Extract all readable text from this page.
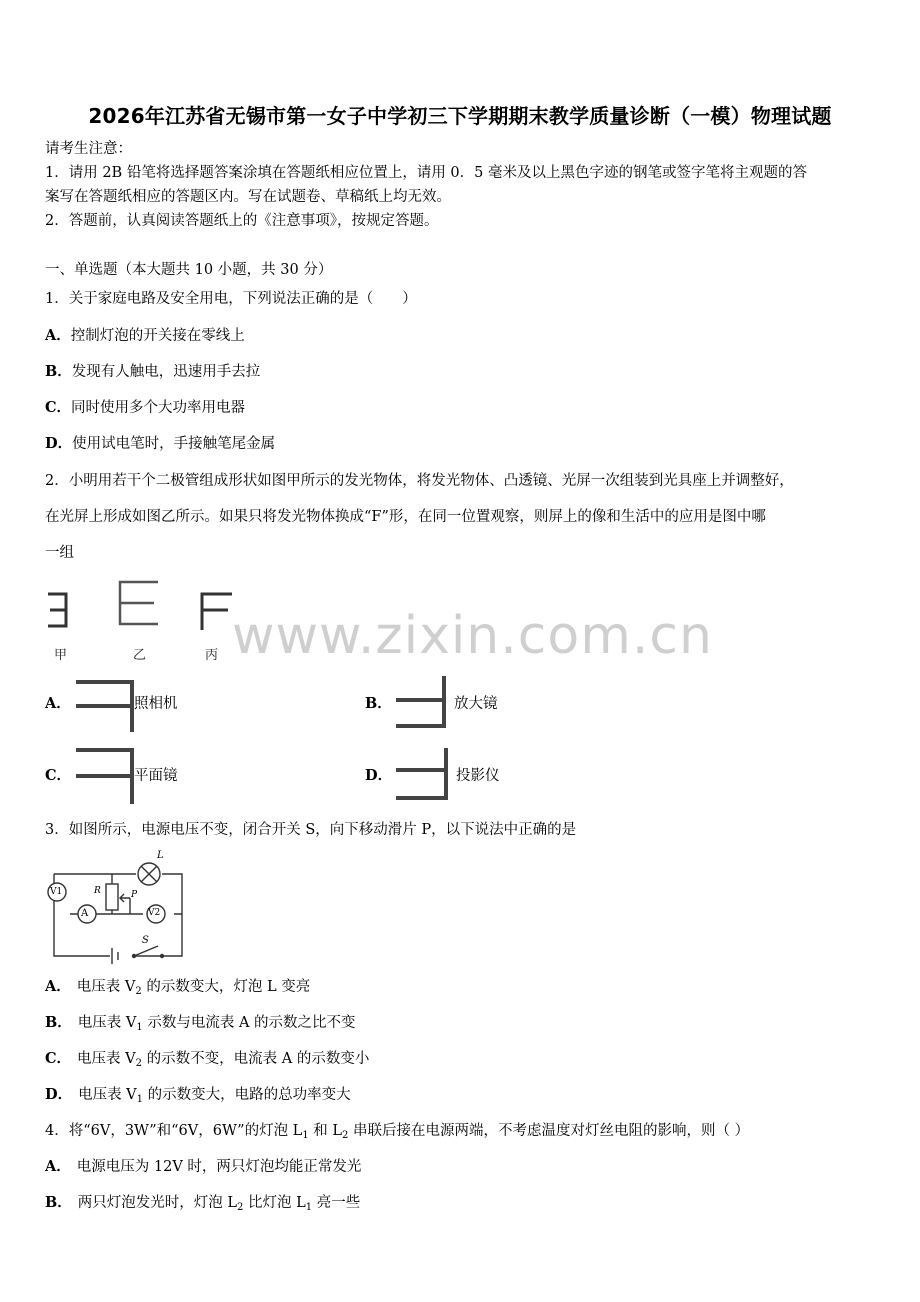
2026年江苏省无锡市第一女子中学初三下学期期末教学质量诊断（一模）物理试题
请考生注意：
1．请用 2B 铅笔将选择题答案涂填在答题纸相应位置上，请用 0．5 毫米及以上黑色字迹的钢笔或签字笔将主观题的答
案写在答题纸相应的答题区内。写在试题卷、草稿纸上均无效。
2．答题前，认真阅读答题纸上的《注意事项》，按规定答题。
一、单选题（本大题共 10 小题，共 30 分）
1．关于家庭电路及安全用电，下列说法正确的是（　　）
A．控制灯泡的开关接在零线上
B．发现有人触电，迅速用手去拉
C．同时使用多个大功率用电器
D．使用试电笔时，手接触笔尾金属
2．小明用若干个二极管组成形状如图甲所示的发光物体，将发光物体、凸透镜、光屏一次组装到光具座上并调整好，
在光屏上形成如图乙所示。如果只将发光物体换成“F”形，在同一位置观察，则屏上的像和生活中的应用是图中哪
一组
甲	乙	丙 www.zixin.com.cn
A．	照相机	B．	放大镜
C．	平面镜	D．	投影仪
3．如图所示，电源电压不变，闭合开关 S，向下移动滑片 P，以下说法中正确的是
V1
A	V2
L
R	P
S
A． 电压表 $V_2$ 的示数变大，灯泡 L 变亮
B． 电压表 $V_1$ 示数与电流表 A 的示数之比不变
C． 电压表 $V_2$ 的示数不变，电流表 A 的示数变小
D． 电压表 $V_1$ 的示数变大，电路的总功率变大
4．将“6V，3W”和“6V，6W”的灯泡 $L_1$ 和 $L_2$ 串联后接在电源两端，不考虑温度对灯丝电阻的影响，则（ ）
A． 电源电压为 12V 时，两只灯泡均能正常发光
B． 两只灯泡发光时，灯泡 $L_2$ 比灯泡 $L_1$ 亮一些
